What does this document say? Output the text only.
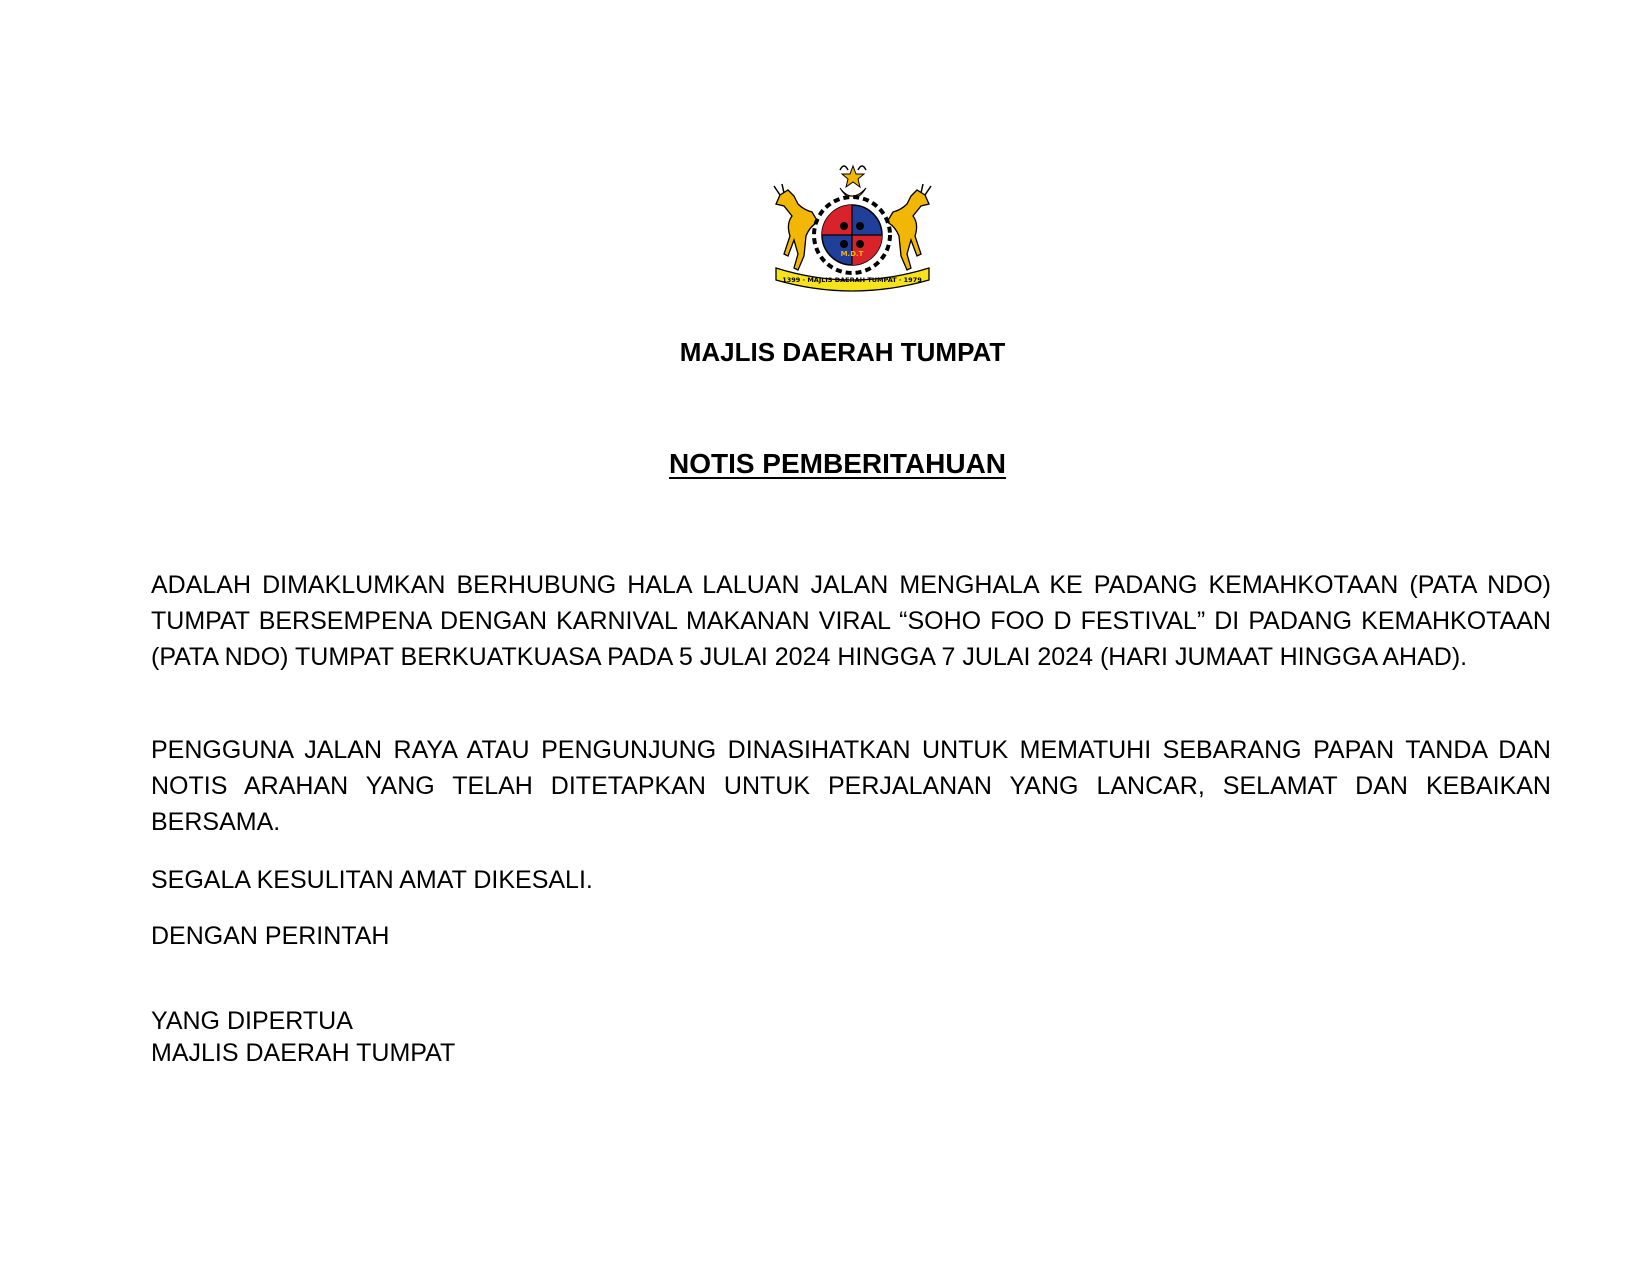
M.D.T
1399 · MAJLIS DAERAH TUMPAT · 1979
MAJLIS DAERAH TUMPAT
NOTIS PEMBERITAHUAN

ADALAH DIMAKLUMKAN BERHUBUNG HALA LALUAN JALAN MENGHALA KE PADANG KEMAHKOTAAN (PATA NDO) TUMPAT BERSEMPENA DENGAN KARNIVAL MAKANAN VIRAL “SOHO FOO D FESTIVAL” DI PADANG KEMAHKOTAAN (PATA NDO) TUMPAT BERKUATKUASA PADA 5 JULAI 2024 HINGGA 7 JULAI 2024 (HARI JUMAAT HINGGA AHAD).

PENGGUNA JALAN RAYA ATAU PENGUNJUNG DINASIHATKAN UNTUK MEMATUHI SEBARANG PAPAN TANDA DAN NOTIS ARAHAN YANG TELAH DITETAPKAN UNTUK PERJALANAN YANG LANCAR, SELAMAT DAN KEBAIKAN BERSAMA.

SEGALA KESULITAN AMAT DIKESALI.

DENGAN PERINTAH

YANG DIPERTUA
MAJLIS DAERAH TUMPAT
